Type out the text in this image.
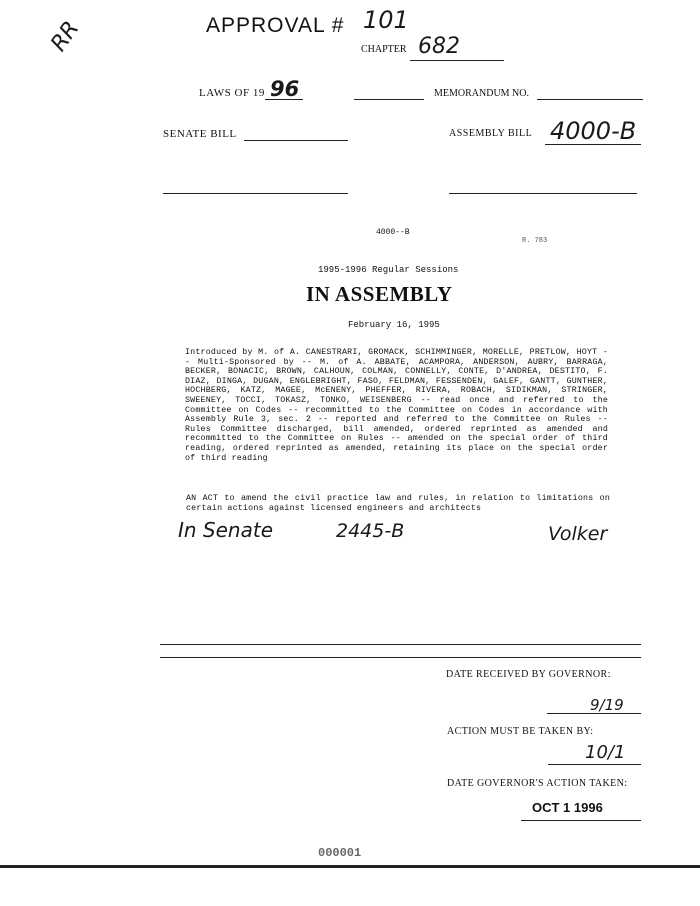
RR	APPROVAL # 101
CHAPTER 682
LAWS OF 19 96	MEMORANDUM NO.
SENATE BILL	ASSEMBLY BILL 4000-B
4000--B
R. 783
1995-1996 Regular Sessions
IN ASSEMBLY
February 16, 1995
Introduced by M. of A. CANESTRARI, GROMACK, SCHIMMINGER, MORELLE, PRETLOW, HOYT -- Multi-Sponsored by -- M. of A. ABBATE, ACAMPORA, ANDERSON, AUBRY, BARRAGA, BECKER, BONACIC, BROWN, CALHOUN, COLMAN, CONNELLY, CONTE, D'ANDREA, DESTITO, F. DIAZ, DINGA, DUGAN, ENGLEBRIGHT, FASO, FELDMAN, FESSENDEN, GALEF, GANTT, GUNTHER, HOCHBERG, KATZ, MAGEE, McENENY, PHEFFER, RIVERA, ROBACH, SIDIKMAN, STRINGER, SWEENEY, TOCCI, TOKASZ, TONKO, WEISENBERG -- read once and referred to the Committee on Codes -- recommitted to the Committee on Codes in accordance with Assembly Rule 3, sec. 2 -- reported and referred to the Committee on Rules -- Rules Committee discharged, bill amended, ordered reprinted as amended and recommitted to the Committee on Rules -- amended on the special order of third reading, ordered reprinted as amended, retaining its place on the special order of third reading
AN ACT to amend the civil practice law and rules, in relation to limitations on certain actions against licensed engineers and architects
In Senate	2445-B	Volker
DATE RECEIVED BY GOVERNOR:
9/19
ACTION MUST BE TAKEN BY:
10/1
DATE GOVERNOR'S ACTION TAKEN:
OCT 1 1996
000001
